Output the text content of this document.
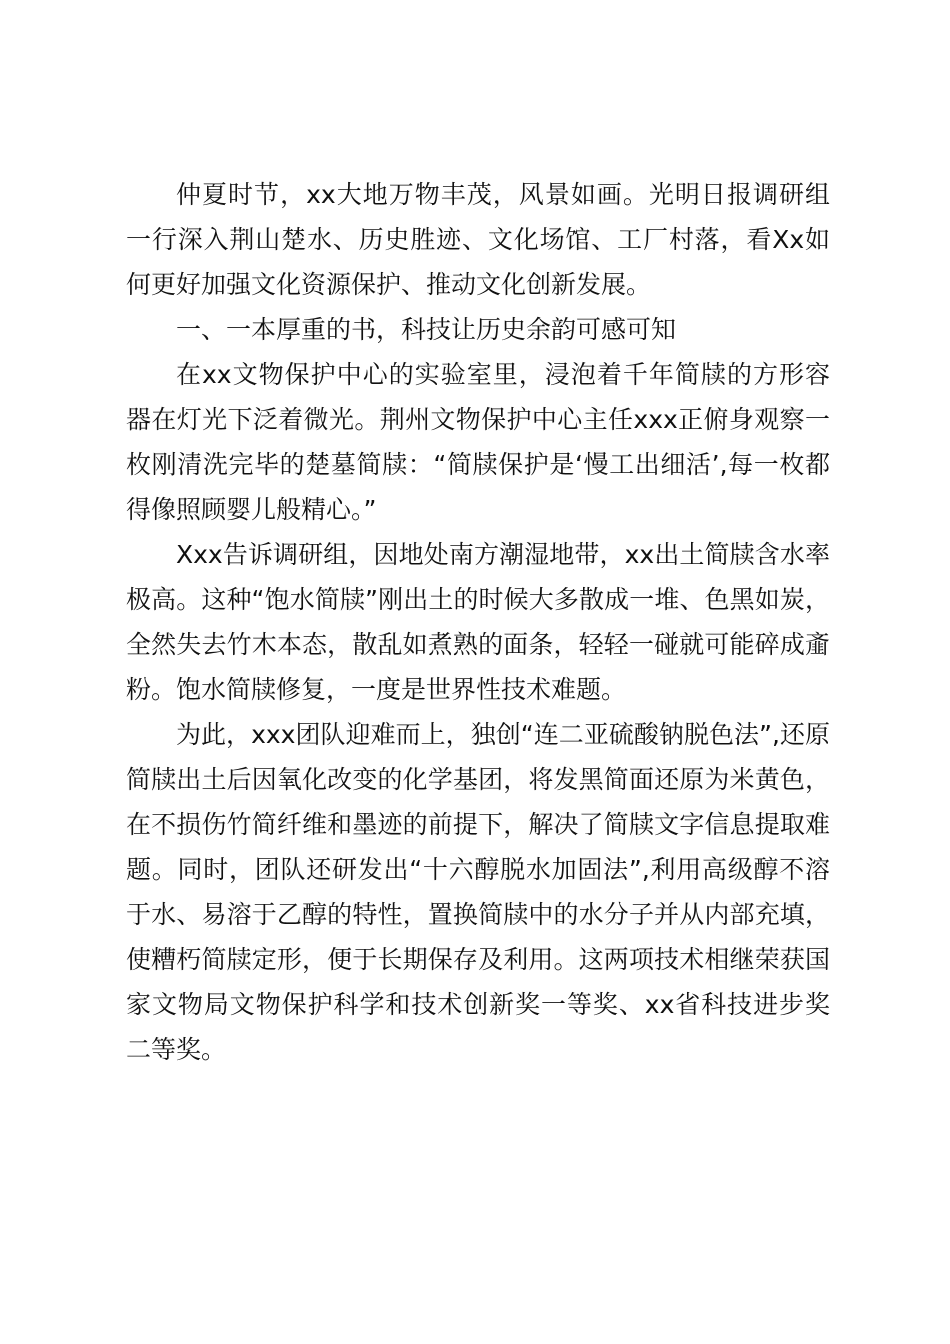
仲夏时节，xx大地万物丰茂，风景如画。光明日报调研组一行深入荆山楚水、历史胜迹、文化场馆、工厂村落，看Xx如何更好加强文化资源保护、推动文化创新发展。

一、一本厚重的书，科技让历史余韵可感可知

在xx文物保护中心的实验室里，浸泡着千年简牍的方形容器在灯光下泛着微光。荆州文物保护中心主任xxx正俯身观察一枚刚清洗完毕的楚墓简牍：“简牍保护是‘慢工出细活’,每一枚都得像照顾婴儿般精心。”

Xxx告诉调研组，因地处南方潮湿地带，xx出土简牍含水率极高。这种“饱水简牍”刚出土的时候大多散成一堆、色黑如炭，全然失去竹木本态，散乱如煮熟的面条，轻轻一碰就可能碎成齑粉。饱水简牍修复，一度是世界性技术难题。

为此，xxx团队迎难而上，独创“连二亚硫酸钠脱色法”,还原简牍出土后因氧化改变的化学基团，将发黑简面还原为米黄色，在不损伤竹简纤维和墨迹的前提下，解决了简牍文字信息提取难题。同时，团队还研发出“十六醇脱水加固法”,利用高级醇不溶于水、易溶于乙醇的特性，置换简牍中的水分子并从内部充填，使糟朽简牍定形，便于长期保存及利用。这两项技术相继荣获国家文物局文物保护科学和技术创新奖一等奖、xx省科技进步奖二等奖。
